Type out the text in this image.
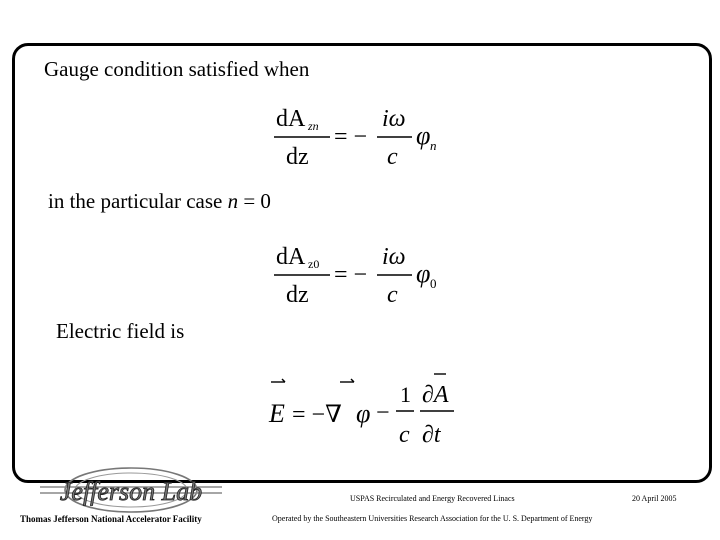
Gauge condition satisfied when
dA zn
dz
= −
iω
c
φ n
in the particular case n = 0
dA z0
dz
= −
iω
c
φ 0
Electric field is
E = −∇ φ −
1
c
∂A
∂t
Jefferson Lab
Thomas Jefferson National Accelerator Facility
USPAS Recirculated and Energy Recovered Linacs	20 April 2005
Operated by the Southeastern Universities Research Association for the U. S. Department of Energy
